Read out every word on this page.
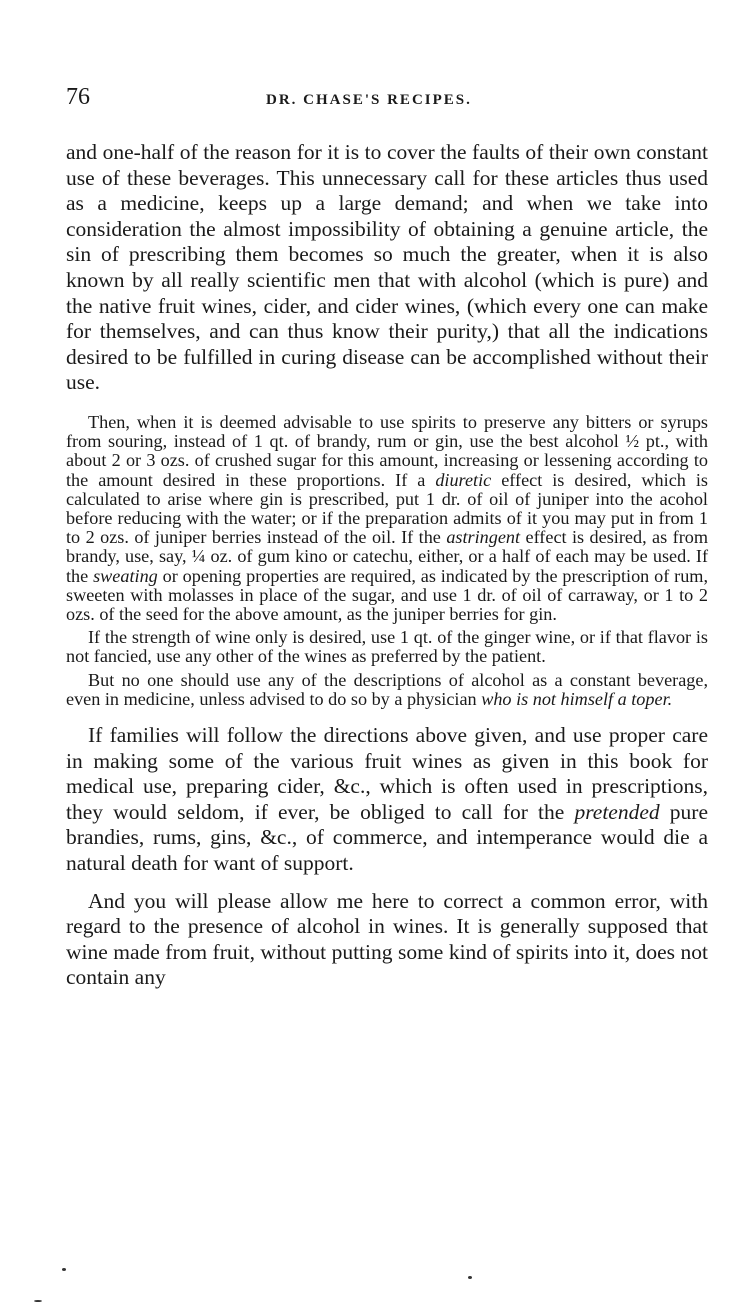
76	DR. CHASE'S RECIPES.

and one-half of the reason for it is to cover the faults of their own constant use of these beverages. This unnecessary call for these articles thus used as a medicine, keeps up a large demand; and when we take into consideration the almost impossibility of obtaining a genuine article, the sin of prescribing them becomes so much the greater, when it is also known by all really scientific men that with alcohol (which is pure) and the native fruit wines, cider, and cider wines, (which every one can make for themselves, and can thus know their purity,) that all the indications desired to be fulfilled in curing disease can be accomplished without their use.

Then, when it is deemed advisable to use spirits to preserve any bitters or syrups from souring, instead of 1 qt. of brandy, rum or gin, use the best alcohol ½ pt., with about 2 or 3 ozs. of crushed sugar for this amount, increasing or lessening according to the amount desired in these proportions. If a diuretic effect is desired, which is calculated to arise where gin is prescribed, put 1 dr. of oil of juniper into the acohol before reducing with the water; or if the preparation admits of it you may put in from 1 to 2 ozs. of juniper berries instead of the oil. If the astringent effect is desired, as from brandy, use, say, ¼ oz. of gum kino or catechu, either, or a half of each may be used. If the sweating or opening properties are required, as indicated by the prescription of rum, sweeten with molasses in place of the sugar, and use 1 dr. of oil of carraway, or 1 to 2 ozs. of the seed for the above amount, as the juniper berries for gin.

If the strength of wine only is desired, use 1 qt. of the ginger wine, or if that flavor is not fancied, use any other of the wines as preferred by the patient.

But no one should use any of the descriptions of alcohol as a constant beverage, even in medicine, unless advised to do so by a physician who is not himself a toper.

If families will follow the directions above given, and use proper care in making some of the various fruit wines as given in this book for medical use, preparing cider, &c., which is often used in prescriptions, they would seldom, if ever, be obliged to call for the pretended pure brandies, rums, gins, &c., of commerce, and intemperance would die a natural death for want of support.

And you will please allow me here to correct a common error, with regard to the presence of alcohol in wines. It is generally supposed that wine made from fruit, without putting some kind of spirits into it, does not contain any
